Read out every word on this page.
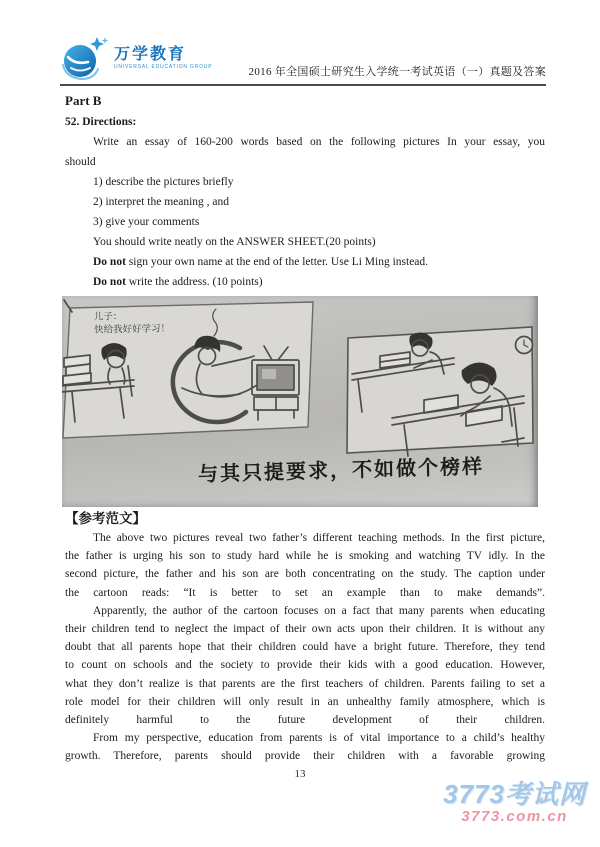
万学教育
UNIVERSAL EDUCATION GROUP	2016 年全国硕士研究生入学统一考试英语（一）真题及答案
Part B
52. Directions:
Write an essay of 160-200 words based on the following pictures In your essay, you
should
1) describe the pictures briefly
2) interpret the meaning , and
3) give your comments
You should write neatly on the ANSWER SHEET.(20 points)
Do not sign your own name at the end of the letter. Use Li Ming instead.
Do not write the address. (10 points)
儿子：
快给我好好学习！
与其只提要求，不如做个榜样
【参考范文】
The above two pictures reveal two father’s different teaching methods. In the first picture,
the father is urging his son to study hard while he is smoking and watching TV idly. In the
second picture, the father and his son are both concentrating on the study. The caption under
the cartoon reads: “It is better to set an example than to make demands”.
Apparently, the author of the cartoon focuses on a fact that many parents when educating
their children tend to neglect the impact of their own acts upon their children. It is without any
doubt that all parents hope that their children could have a bright future. Therefore, they tend
to count on schools and the society to provide their kids with a good education. However,
what they don’t realize is that parents are the first teachers of children. Parents failing to set a
role model for their children will only result in an unhealthy family atmosphere, which is
definitely harmful to the future development of their children.
From my perspective, education from parents is of vital importance to a child’s healthy
growth. Therefore, parents should provide their children with a favorable growing
13
3773考试网
3773.com.cn
